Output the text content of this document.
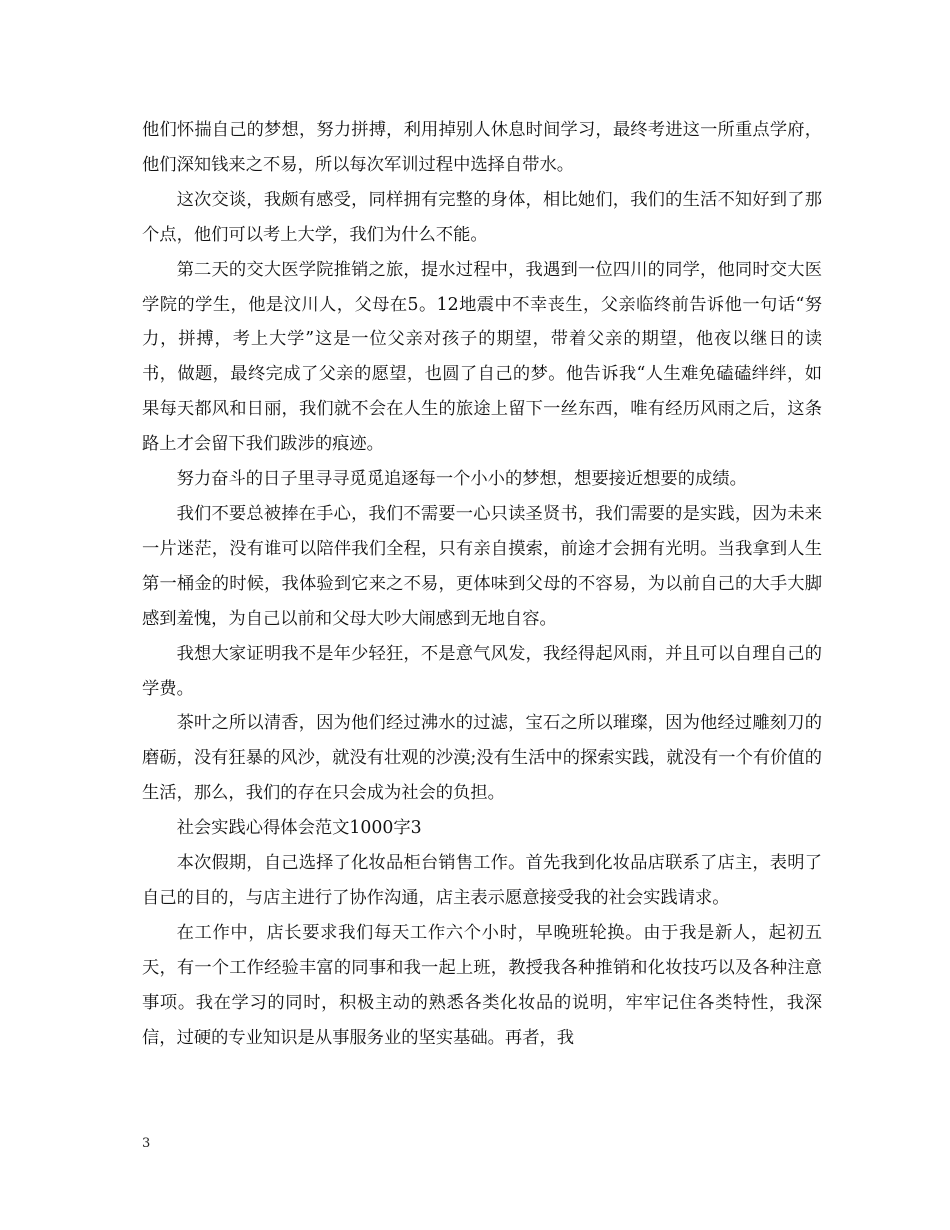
他们怀揣自己的梦想，努力拼搏，利用掉别人休息时间学习，最终考进这一所重点学府，他们深知钱来之不易，所以每次军训过程中选择自带水。

这次交谈，我颇有感受，同样拥有完整的身体，相比她们，我们的生活不知好到了那个点，他们可以考上大学，我们为什么不能。

第二天的交大医学院推销之旅，提水过程中，我遇到一位四川的同学，他同时交大医学院的学生，他是汶川人，父母在5。12地震中不幸丧生，父亲临终前告诉他一句话“努力，拼搏，考上大学”这是一位父亲对孩子的期望，带着父亲的期望，他夜以继日的读书，做题，最终完成了父亲的愿望，也圆了自己的梦。他告诉我“人生难免磕磕绊绊，如果每天都风和日丽，我们就不会在人生的旅途上留下一丝东西，唯有经历风雨之后，这条路上才会留下我们跋涉的痕迹。

努力奋斗的日子里寻寻觅觅追逐每一个小小的梦想，想要接近想要的成绩。

我们不要总被捧在手心，我们不需要一心只读圣贤书，我们需要的是实践，因为未来一片迷茫，没有谁可以陪伴我们全程，只有亲自摸索，前途才会拥有光明。当我拿到人生第一桶金的时候，我体验到它来之不易，更体味到父母的不容易，为以前自己的大手大脚感到羞愧，为自己以前和父母大吵大闹感到无地自容。

我想大家证明我不是年少轻狂，不是意气风发，我经得起风雨，并且可以自理自己的学费。

茶叶之所以清香，因为他们经过沸水的过滤，宝石之所以璀璨，因为他经过雕刻刀的磨砺，没有狂暴的风沙，就没有壮观的沙漠;没有生活中的探索实践，就没有一个有价值的生活，那么，我们的存在只会成为社会的负担。

社会实践心得体会范文1000字3

本次假期，自己选择了化妆品柜台销售工作。首先我到化妆品店联系了店主，表明了自己的目的，与店主进行了协作沟通，店主表示愿意接受我的社会实践请求。

在工作中，店长要求我们每天工作六个小时，早晚班轮换。由于我是新人，起初五天，有一个工作经验丰富的同事和我一起上班，教授我各种推销和化妆技巧以及各种注意事项。我在学习的同时，积极主动的熟悉各类化妆品的说明，牢牢记住各类特性，我深信，过硬的专业知识是从事服务业的坚实基础。再者，我

3
